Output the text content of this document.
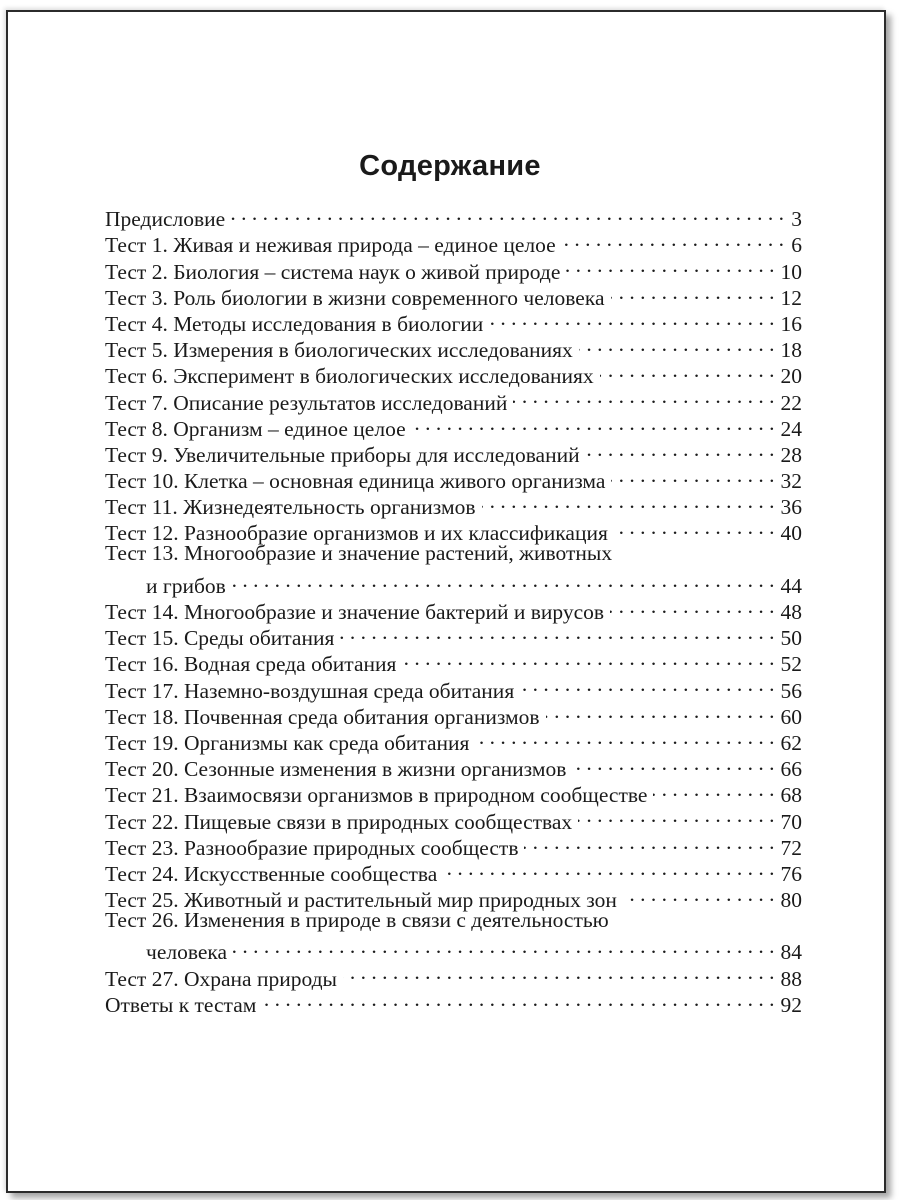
Содержание
Предисловие . . .	3
Тест 1. Живая и неживая природа – единое целое . . .	6
Тест 2. Биология – система наук о живой природе . . .	10
Тест 3. Роль биологии в жизни современного человека . . .	12
Тест 4. Методы исследования в биологии . . .	16
Тест 5. Измерения в биологических исследованиях . . .	18
Тест 6. Эксперимент в биологических исследованиях . . .	20
Тест 7. Описание результатов исследований . . .	22
Тест 8. Организм – единое целое . . .	24
Тест 9. Увеличительные приборы для исследований . . .	28
Тест 10. Клетка – основная единица живого организма . . .	32
Тест 11. Жизнедеятельность организмов . . .	36
Тест 12. Разнообразие организмов и их классификация . . .	40
Тест 13. Многообразие и значение растений, животных
и грибов . . .	44
Тест 14. Многообразие и значение бактерий и вирусов . . .	48
Тест 15. Среды обитания . . .	50
Тест 16. Водная среда обитания . . .	52
Тест 17. Наземно-воздушная среда обитания . . .	56
Тест 18. Почвенная среда обитания организмов . . .	60
Тест 19. Организмы как среда обитания . . .	62
Тест 20. Сезонные изменения в жизни организмов . . .	66
Тест 21. Взаимосвязи организмов в природном сообществе . . .	68
Тест 22. Пищевые связи в природных сообществах . . .	70
Тест 23. Разнообразие природных сообществ . . .	72
Тест 24. Искусственные сообщества . . .	76
Тест 25. Животный и растительный мир природных зон . . .	80
Тест 26. Изменения в природе в связи с деятельностью
человека . . .	84
Тест 27. Охрана природы . . .	88
Ответы к тестам . . .	92
